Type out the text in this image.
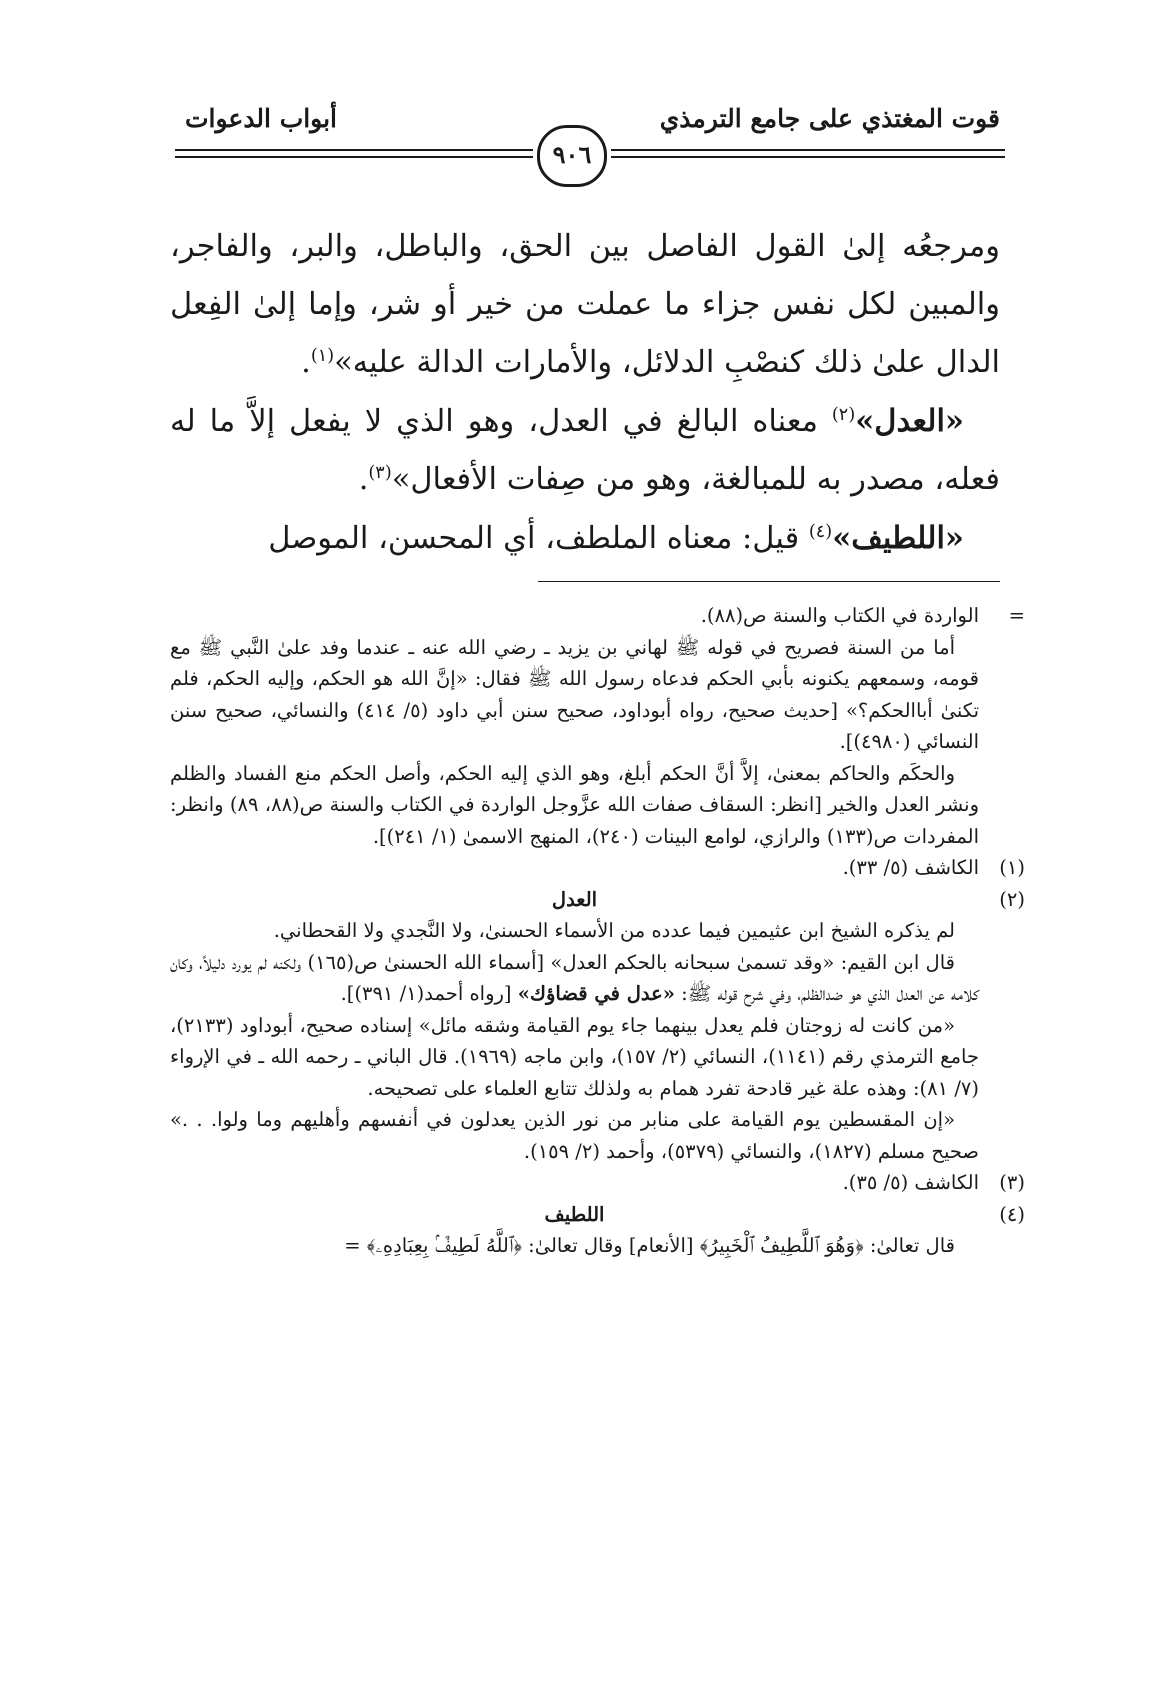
قوت المغتذي على جامع الترمذي
أبواب الدعوات
٩٠٦

ومرجعُه إلىٰ القول الفاصل بين الحق، والباطل، والبر، والفاجر، والمبين لكل نفس جزاء ما عملت من خير أو شر، وإما إلىٰ الفِعل الدال علىٰ ذلك كنصْبِ الدلائل، والأمارات الدالة عليه»$^{(١)}$.

«العدل»$^{(٢)}$ معناه البالغ في العدل، وهو الذي لا يفعل إلاَّ ما له فعله، مصدر به للمبالغة، وهو من صِفات الأفعال»$^{(٣)}$.

«اللطيف»$^{(٤)}$ قيل: معناه الملطف، أي المحسن، الموصل

=
الواردة في الكتاب والسنة ص(٨٨).

أما من السنة فصريح في قوله ﷺ لهاني بن يزيد ـ رضي الله عنه ـ عندما وفد علىٰ النَّبي ﷺ مع قومه، وسمعهم يكنونه بأبي الحكم فدعاه رسول الله ﷺ فقال: «إنَّ الله هو الحكم، وإليه الحكم، فلم تكنىٰ أباالحكم؟» [حديث صحيح، رواه أبوداود، صحيح سنن أبي داود (٥/ ٤١٤) والنسائي، صحيح سنن النسائي (٤٩٨٠)].

والحكَم والحاكم بمعنىٰ، إلاَّ أنَّ الحكم أبلغ، وهو الذي إليه الحكم، وأصل الحكم منع الفساد والظلم ونشر العدل والخير [انظر: السقاف صفات الله عزَّوجل الواردة في الكتاب والسنة ص(٨٨، ٨٩) وانظر: المفردات ص(١٣٣) والرازي، لوامع البينات (٢٤٠)، المنهج الاسمىٰ (١/ ٢٤١)].

(١)
الكاشف (٥/ ٣٣).
(٢)
العدل

لم يذكره الشيخ ابن عثيمين فيما عدده من الأسماء الحسنىٰ، ولا النَّجدي ولا القحطاني.

قال ابن القيم: «وقد تسمىٰ سبحانه بالحكم العدل» [أسماء الله الحسنىٰ ص(١٦٥) ولكنه لم يورد دليلاً، وكان كلامه عن العدل الذي هو ضدالظلم، وفي شرح قوله ﷺ: «عدل في قضاؤك» [رواه أحمد(١/ ٣٩١)].

«من كانت له زوجتان فلم يعدل بينهما جاء يوم القيامة وشقه مائل» إسناده صحيح، أبوداود (٢١٣٣)، جامع الترمذي رقم (١١٤١)، النسائي (٢/ ١٥٧)، وابن ماجه (١٩٦٩). قال الباني ـ رحمه الله ـ في الإرواء (٧/ ٨١): وهذه علة غير قادحة تفرد همام به ولذلك تتابع العلماء على تصحيحه.

«إن المقسطين يوم القيامة على منابر من نور الذين يعدلون في أنفسهم وأهليهم وما ولوا. . .» صحيح مسلم (١٨٢٧)، والنسائي (٥٣٧٩)، وأحمد (٢/ ١٥٩).

(٣)
الكاشف (٥/ ٣٥).
(٤)
اللطيف

قال تعالىٰ: ﴿وَهُوَ ٱللَّطِيفُ ٱلْخَبِيرُ﴾ [الأنعام] وقال تعالىٰ: ﴿ٱللَّهُ لَطِيفٌۢ بِعِبَادِهِۦ﴾ =
